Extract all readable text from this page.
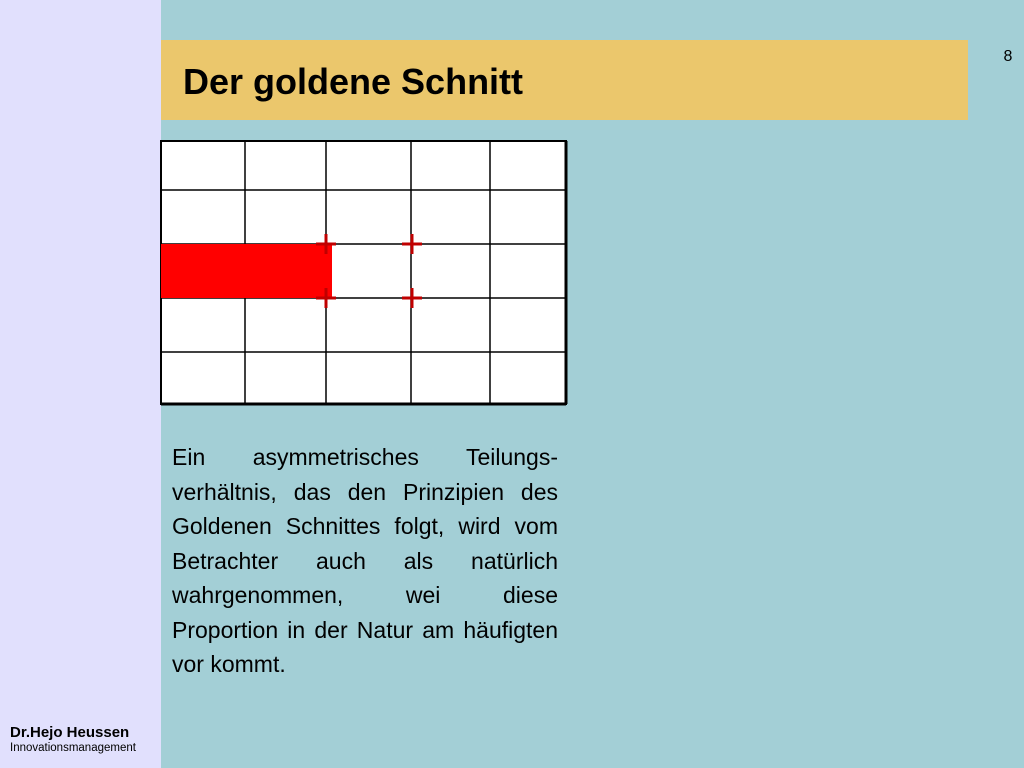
Dr.Hejo Heussen
Innovationsmanagement
Der goldene Schnitt
8

Ein asymmetrisches Teilungs-verhältnis, das den Prinzipien des Goldenen Schnittes folgt, wird vom Betrachter auch als natürlich wahrgenommen, wei diese Proportion in der Natur am häufigten vor kommt.
